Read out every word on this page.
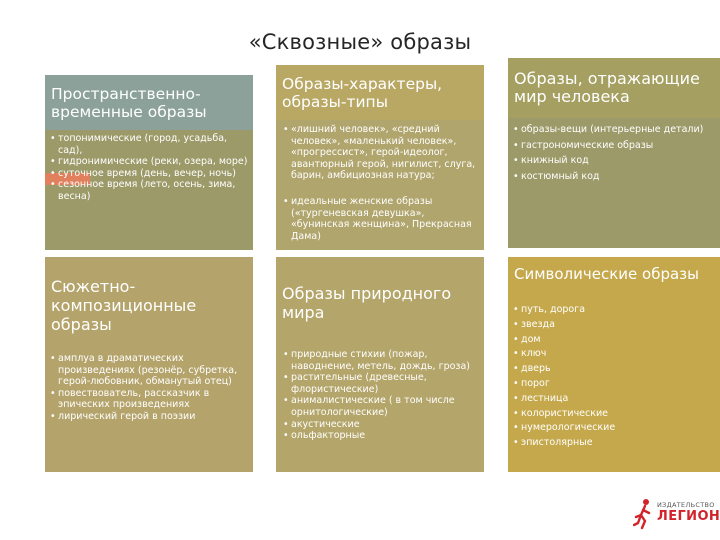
«Сквозные» образы
Пространственно-временные образы
• топонимические (город, усадьба, сад),
• гидронимические (реки, озера, море)
• суточное время (день, вечер, ночь)
• сезонное время (лето, осень, зима, весна)
Образы-характеры, образы-типы
• «лишний человек», «средний человек», «маленький человек», «прогрессист», герой-идеолог, авантюрный герой, нигилист, слуга, барин, амбициозная натура;
• идеальные женские образы («тургеневская девушка», «бунинская женщина», Прекрасная Дама)
Образы, отражающие мир человека
• образы-вещи (интерьерные детали)
• гастрономические образы
• книжный код
• костюмный код
Сюжетно-композиционные образы
• амплуа в драматических произведениях (резонёр, субретка, герой-любовник, обманутый отец)
• повествователь, рассказчик в эпических произведениях
• лирический герой в поэзии
Образы природного мира
• природные стихии (пожар, наводнение, метель, дождь, гроза)
• растительные (древесные, флористические)
• анималистические ( в том числе орнитологические)
• акустические
• ольфакторные
Символические образы
• путь, дорога
• звезда
• дом
• ключ
• дверь
• порог
• лестница
• колористические
• нумерологические
• эпистолярные
ИЗДАТЕЛЬСТВО
ЛЕГИОН
